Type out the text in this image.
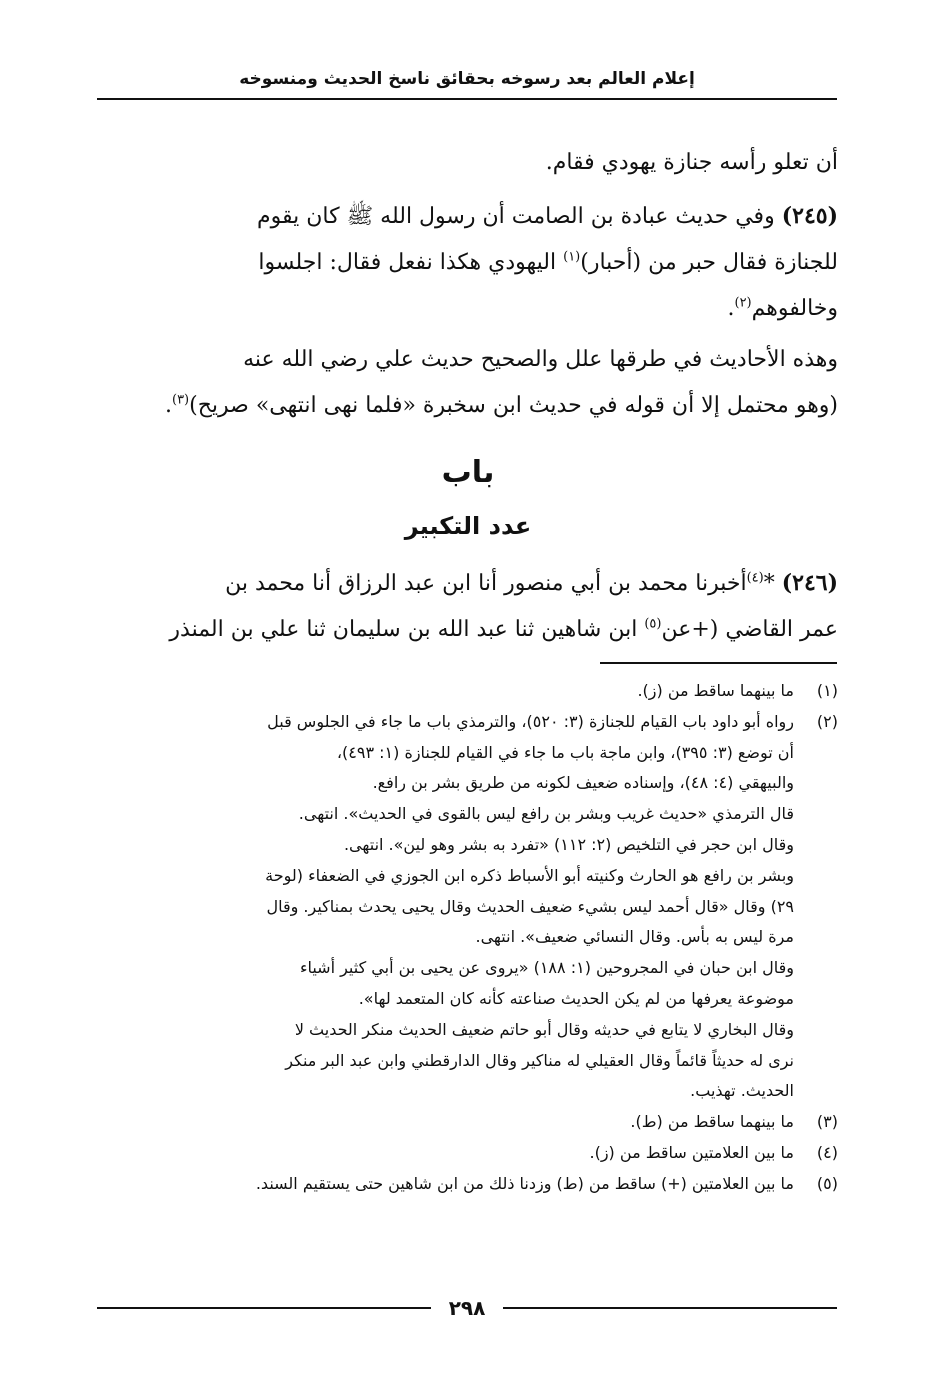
إعلام العالم بعد رسوخه بحقائق ناسخ الحديث ومنسوخه
أن تعلو رأسه جنازة يهودي فقام.
(٢٤٥) وفي حديث عبادة بن الصامت أن رسول الله ﷺ كان يقوم
للجنازة فقال حبر من (أحبار)$^{(١)}$ اليهودي هكذا نفعل فقال: اجلسوا
وخالفوهم$^{(٢)}$.
وهذه الأحاديث في طرقها علل والصحيح حديث علي رضي الله عنه
(وهو محتمل إلا أن قوله في حديث ابن سخبرة «فلما نهى انتهى» صريح)$^{(٣)}$.
باب
عدد التكبير
(٢٤٦) *$^{(٤)}$أخبرنا محمد بن أبي منصور أنا ابن عبد الرزاق أنا محمد بن
عمر القاضي (+عن$^{(٥)}$ ابن شاهين ثنا عبد الله بن سليمان ثنا علي بن المنذر
(١)
ما بينهما ساقط من (ز).
(٢)
رواه أبو داود باب القيام للجنازة (٣: ٥٢٠)، والترمذي باب ما جاء في الجلوس قبل
أن توضع (٣: ٣٩٥)، وابن ماجة باب ما جاء في القيام للجنازة (١: ٤٩٣)،
والبيهقي (٤: ٤٨)، وإسناده ضعيف لكونه من طريق بشر بن رافع.
قال الترمذي «حديث غريب وبشر بن رافع ليس بالقوى في الحديث». انتهى.
وقال ابن حجر في التلخيص (٢: ١١٢) «تفرد به بشر وهو لين». انتهى.
وبشر بن رافع هو الحارث وكنيته أبو الأسباط ذكره ابن الجوزي في الضعفاء (لوحة
٢٩) وقال «قال أحمد ليس بشيء ضعيف الحديث وقال يحيى يحدث بمناكير. وقال
مرة ليس به بأس. وقال النسائي ضعيف». انتهى.
وقال ابن حبان في المجروحين (١: ١٨٨) «يروى عن يحيى بن أبي كثير أشياء
موضوعة يعرفها من لم يكن الحديث صناعته كأنه كان المتعمد لها».
وقال البخاري لا يتابع في حديثه وقال أبو حاتم ضعيف الحديث منكر الحديث لا
نرى له حديثاً قائماً وقال العقيلي له مناكير وقال الدارقطني وابن عبد البر منكر
الحديث. تهذيب.
(٣)
ما بينهما ساقط من (ط).
(٤)
ما بين العلامتين ساقط من (ز).
(٥)
ما بين العلامتين (+) ساقط من (ط) وزدنا ذلك من ابن شاهين حتى يستقيم السند.
٢٩٨
